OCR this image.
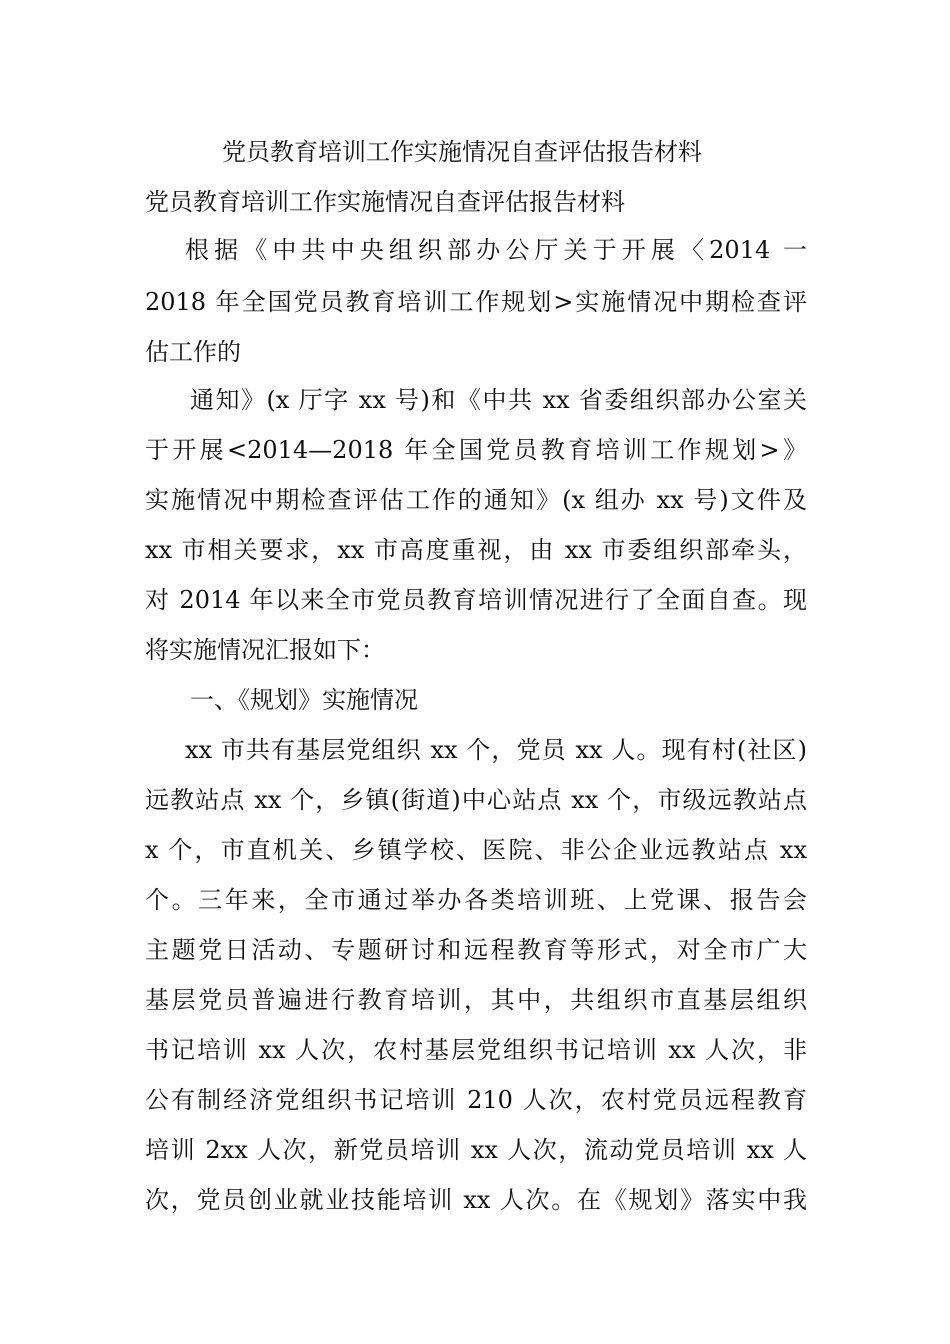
党员教育培训工作实施情况自查评估报告材料
党员教育培训工作实施情况自查评估报告材料
根据《中共中央组织部办公厅关于开展〈2014 一
2018 年全国党员教育培训工作规划>实施情况中期检查评
估工作的
通知》(x 厅字 xx 号)和《中共 xx 省委组织部办公室关
于开展<2014—2018 年全国党员教育培训工作规划>》
实施情况中期检查评估工作的通知》(x 组办 xx 号)文件及
xx 市相关要求，xx 市高度重视，由 xx 市委组织部牵头，
对 2014 年以来全市党员教育培训情况进行了全面自查。现
将实施情况汇报如下：
一、《规划》实施情况
xx 市共有基层党组织 xx 个，党员 xx 人。现有村(社区)
远教站点 xx 个，乡镇(街道)中心站点 xx 个，市级远教站点
x 个，市直机关、乡镇学校、医院、非公企业远教站点 xx
个。三年来，全市通过举办各类培训班、上党课、报告会
主题党日活动、专题研讨和远程教育等形式，对全市广大
基层党员普遍进行教育培训，其中，共组织市直基层组织
书记培训 xx 人次，农村基层党组织书记培训 xx 人次，非
公有制经济党组织书记培训 210 人次，农村党员远程教育
培训 2xx 人次，新党员培训 xx 人次，流动党员培训 xx 人
次，党员创业就业技能培训 xx 人次。在《规划》落实中我
